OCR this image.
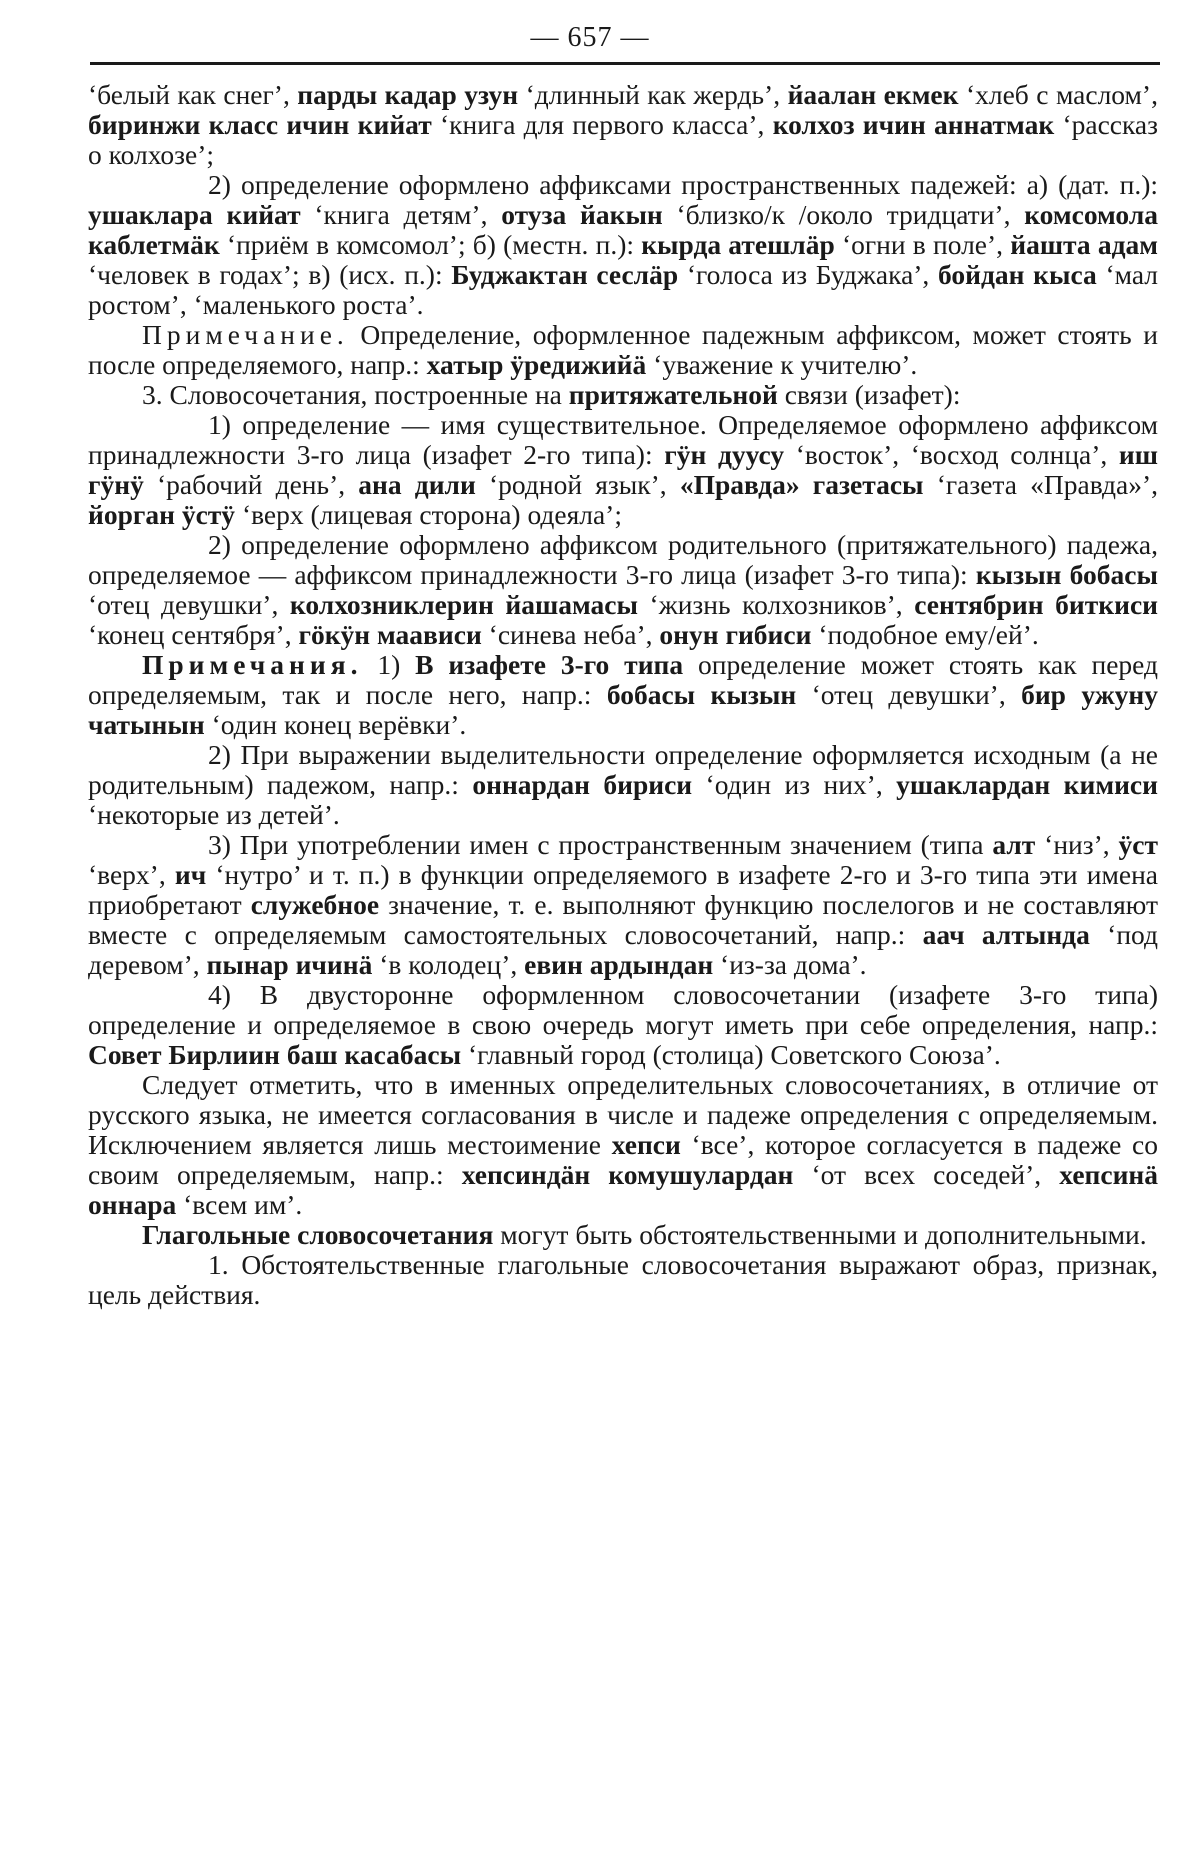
— 657 —

‘белый как снег’, парды кадар узун ‘длинный как жердь’, йаалан екмек ‘хлеб с маслом’, биринжи класс ичин кийат ‘книга для первого класса’, колхоз ичин аннатмак ‘рассказ о колхозе’;

2) определение оформлено аффиксами пространственных падежей: а) (дат. п.): ушаклара кийат ‘книга детям’, отуза йакын ‘близко/к /около тридцати’, комсомола каблетмӓк ‘приём в комсомол’; б) (местн. п.): кырда атешлӓр ‘огни в поле’, йашта адам ‘человек в годах’; в) (исх. п.): Буджактан сеслӓр ‘голоса из Буджака’, бойдан кыса ‘мал ростом’, ‘маленького роста’.

Примечание. Определение, оформленное падежным аффиксом, может стоять и после определяемого, напр.: хатыр ӱредижийӓ ‘уважение к учителю’.

3. Словосочетания, построенные на притяжательной связи (изафет):

1) определение — имя существительное. Определяемое оформлено аффиксом принадлежности 3-го лица (изафет 2-го типа): гӱн дуусу ‘восток’, ‘восход солнца’, иш гӱнӱ ‘рабочий день’, ана дили ‘родной язык’, «Правда» газетасы ‘газета «Правда»’, йорган ӱстӱ ‘верх (лицевая сторона) одеяла’;

2) определение оформлено аффиксом родительного (притяжательного) падежа, определяемое — аффиксом принадлежности 3-го лица (изафет 3-го типа): кызын бобасы ‘отец девушки’, колхозниклерин йашамасы ‘жизнь колхозников’, сентябрин биткиси ‘конец сентября’, гӧкӱн маависи ‘синева неба’, онун гибиси ‘подобное ему/ей’.

Примечания. 1) В изафете 3-го типа определение может стоять как перед определяемым, так и после него, напр.: бобасы кызын ‘отец девушки’, бир ужуну чатынын ‘один конец верёвки’.

2) При выражении выделительности определение оформляется исходным (а не родительным) падежом, напр.: оннардан бириси ‘один из них’, ушаклардан кимиси ‘некоторые из детей’.

3) При употреблении имен с пространственным значением (типа алт ‘низ’, ӱст ‘верх’, ич ‘нутро’ и т. п.) в функции определяемого в изафете 2-го и 3-го типа эти имена приобретают служебное значение, т. е. выполняют функцию послелогов и не составляют вместе с определяемым самостоятельных словосочетаний, напр.: аач алтында ‘под деревом’, пынар ичинӓ ‘в колодец’, евин ардындан ‘из-за дома’.

4) В двусторонне оформленном словосочетании (изафете 3-го типа) определение и определяемое в свою очередь могут иметь при себе определения, напр.: Совет Бирлиин баш касабасы ‘главный город (столица) Советского Союза’.

Следует отметить, что в именных определительных словосочетаниях, в отличие от русского языка, не имеется согласования в числе и падеже определения с определяемым. Исключением является лишь местоимение хепси ‘все’, которое согласуется в падеже со своим определяемым, напр.: хепсиндӓн комушулардан ‘от всех соседей’, хепсинӓ оннара ‘всем им’.

Глагольные словосочетания могут быть обстоятельственными и дополнительными.

1. Обстоятельственные глагольные словосочетания выражают образ, признак, цель действия.
